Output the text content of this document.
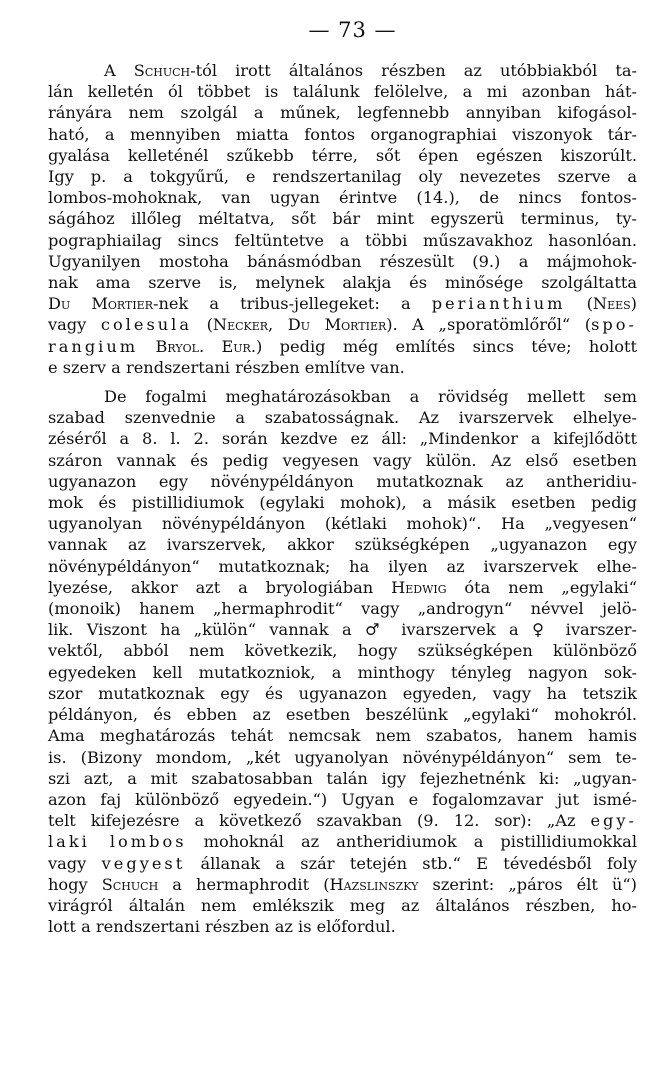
— 73 —

A Schuch-tól irott általános részben az utóbbiakból ta-
lán kelletén ól többet is találunk felölelve, a mi azonban hát-
rányára nem szolgál a műnek, legfennebb annyiban kifogásol-
ható, a mennyiben miatta fontos organographiai viszonyok tár-
gyalása kelleténél szűkebb térre, sőt épen egészen kiszorúlt.
Igy p. a tokgyűrű, e rendszertanilag oly nevezetes szerve a
lombos-mohoknak, van ugyan érintve (14.), de nincs fontos-
ságához illőleg méltatva, sőt bár mint egyszerü terminus, ty-
pographiailag sincs feltüntetve a többi műszavakhoz hasonlóan.
Ugyanilyen mostoha bánásmódban részesült (9.) a májmohok-
nak ama szerve is, melynek alakja és minősége szolgáltatta
Du Mortier-nek a tribus-jellegeket: a perianthium (Nees)
vagy colesula (Necker, Du Mortier). A „sporatömlőről“ (spo-
rangium Bryol. Eur.) pedig még említés sincs téve; holott
e szerv a rendszertani részben említve van.

De fogalmi meghatározásokban a rövidség mellett sem
szabad szenvednie a szabatosságnak. Az ivarszervek elhelye-
zéséről a 8. l. 2. során kezdve ez áll: „Mindenkor a kifejlődött
száron vannak és pedig vegyesen vagy külön. Az első esetben
ugyanazon egy növénypéldányon mutatkoznak az antheridiu-
mok és pistillidiumok (egylaki mohok), a másik esetben pedig
ugyanolyan növénypéldányon (kétlaki mohok)“. Ha „vegyesen“
vannak az ivarszervek, akkor szükségképen „ugyanazon egy
növénypéldányon“ mutatkoznak; ha ilyen az ivarszervek elhe-
lyezése, akkor azt a bryologiában Hedwig óta nem „egylaki“
(monoik) hanem „hermaphrodit“ vagy „androgyn“ névvel jelö-
lik. Viszont ha „külön“ vannak a ♂ ivarszervek a ♀ ivarszer-
vektől, abból nem következik, hogy szükségképen különböző
egyedeken kell mutatkozniok, a minthogy tényleg nagyon sok-
szor mutatkoznak egy és ugyanazon egyeden, vagy ha tetszik
példányon, és ebben az esetben beszélünk „egylaki“ mohokról.
Ama meghatározás tehát nemcsak nem szabatos, hanem hamis
is. (Bizony mondom, „két ugyanolyan növénypéldányon“ sem te-
szi azt, a mit szabatosabban talán igy fejezhetnénk ki: „ugyan-
azon faj különböző egyedein.“) Ugyan e fogalomzavar jut ismé-
telt kifejezésre a következő szavakban (9. 12. sor): „Az egy-
laki lombos mohoknál az antheridiumok a pistillidiumokkal
vagy vegyest állanak a szár tetején stb.“ E tévedésből foly
hogy Schuch a hermaphrodit (Hazslinszky szerint: „páros élt ü“)
virágról általán nem emlékszik meg az általános részben, ho-
lott a rendszertani részben az is előfordul.
